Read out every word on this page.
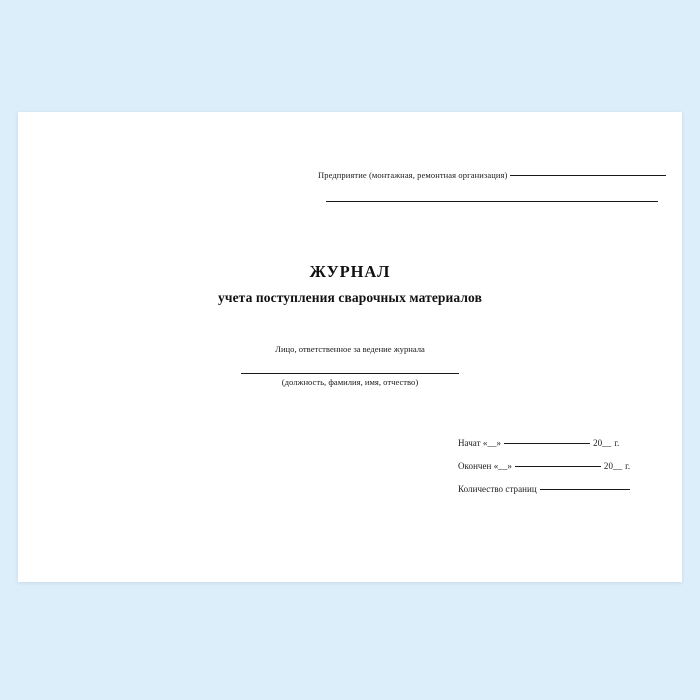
Предприятие (монтажная, ремонтная организация)
ЖУРНАЛ
учета поступления сварочных материалов
Лицо, ответственное за ведение журнала
(должность, фамилия, имя, отчество)
Начат «__»	20__ г.
Окончен «__»	20__ г.
Количество страниц
